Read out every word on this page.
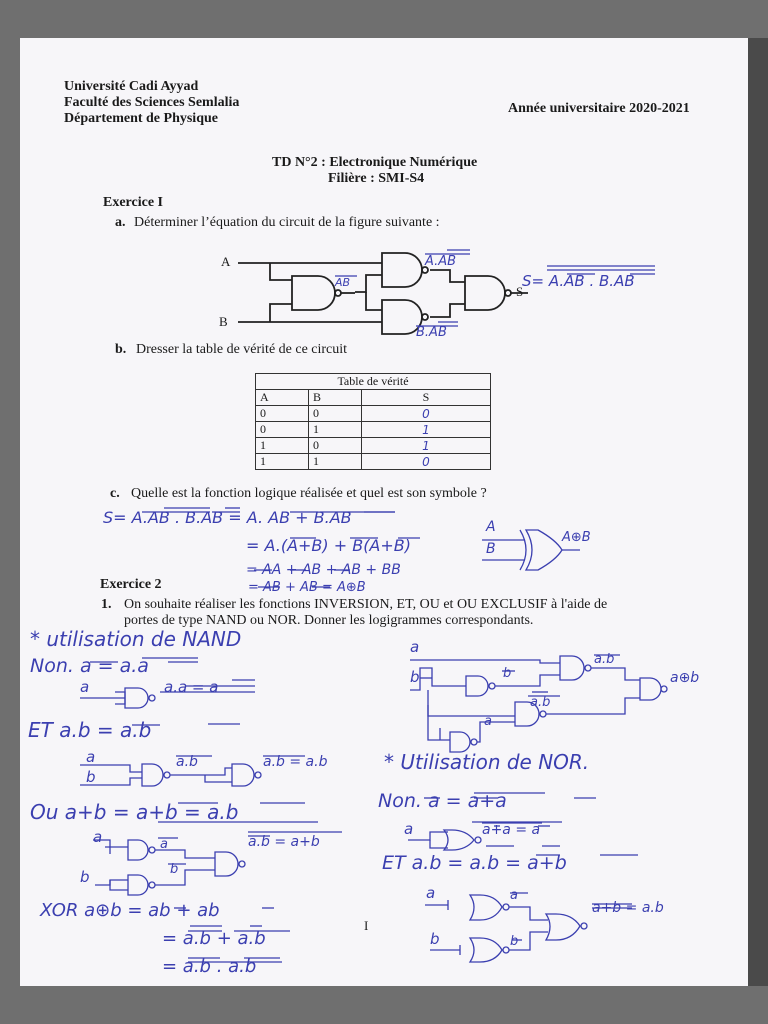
Université Cadi Ayyad
Faculté des Sciences Semlalia
Département de Physique
Année universitaire 2020-2021
TD N°2 : Electronique Numérique
Filière : SMI-S4
Exercice I
a. Déterminer l’équation du circuit de la figure suivante :
A
B
S
A.AB
AB
B.AB
S= A.AB . B.AB
b. Dresser la table de vérité de ce circuit
Table de vérité		
A	B	S
0	0	0
0	1	1
1	0	1
1	1	0
c. Quelle est la fonction logique réalisée et quel est son symbole ?
S= A.AB . B.AB = A. AB + B.AB
= A.(A+B) + B(A+B)
= AA + AB + AB + BB
= AB + AB = A⊕B
A
B
A⊕B
Exercice 2
1. On souhaite réaliser les fonctions INVERSION, ET, OU et OU EXCLUSIF à l'aide de
portes de type NAND ou NOR. Donner les logigrammes correspondants.
* utilisation de NAND
Non. a = a.a
a	a.a = a
ET a.b = a.b
a
b
a.b	a.b = a.b
Ou a+b = a+b = a.b
a
b
a
b
a.b = a+b
XOR a⊕b = ab + ab
= a.b + a.b
= a.b . a.b
a
b	b
a.b
a
a.b
a⊕b
* Utilisation de NOR.
Non. a = a+a
a	a+a = a
ET a.b = a.b = a+b
a
b
a
b
a+b = a.b
I
